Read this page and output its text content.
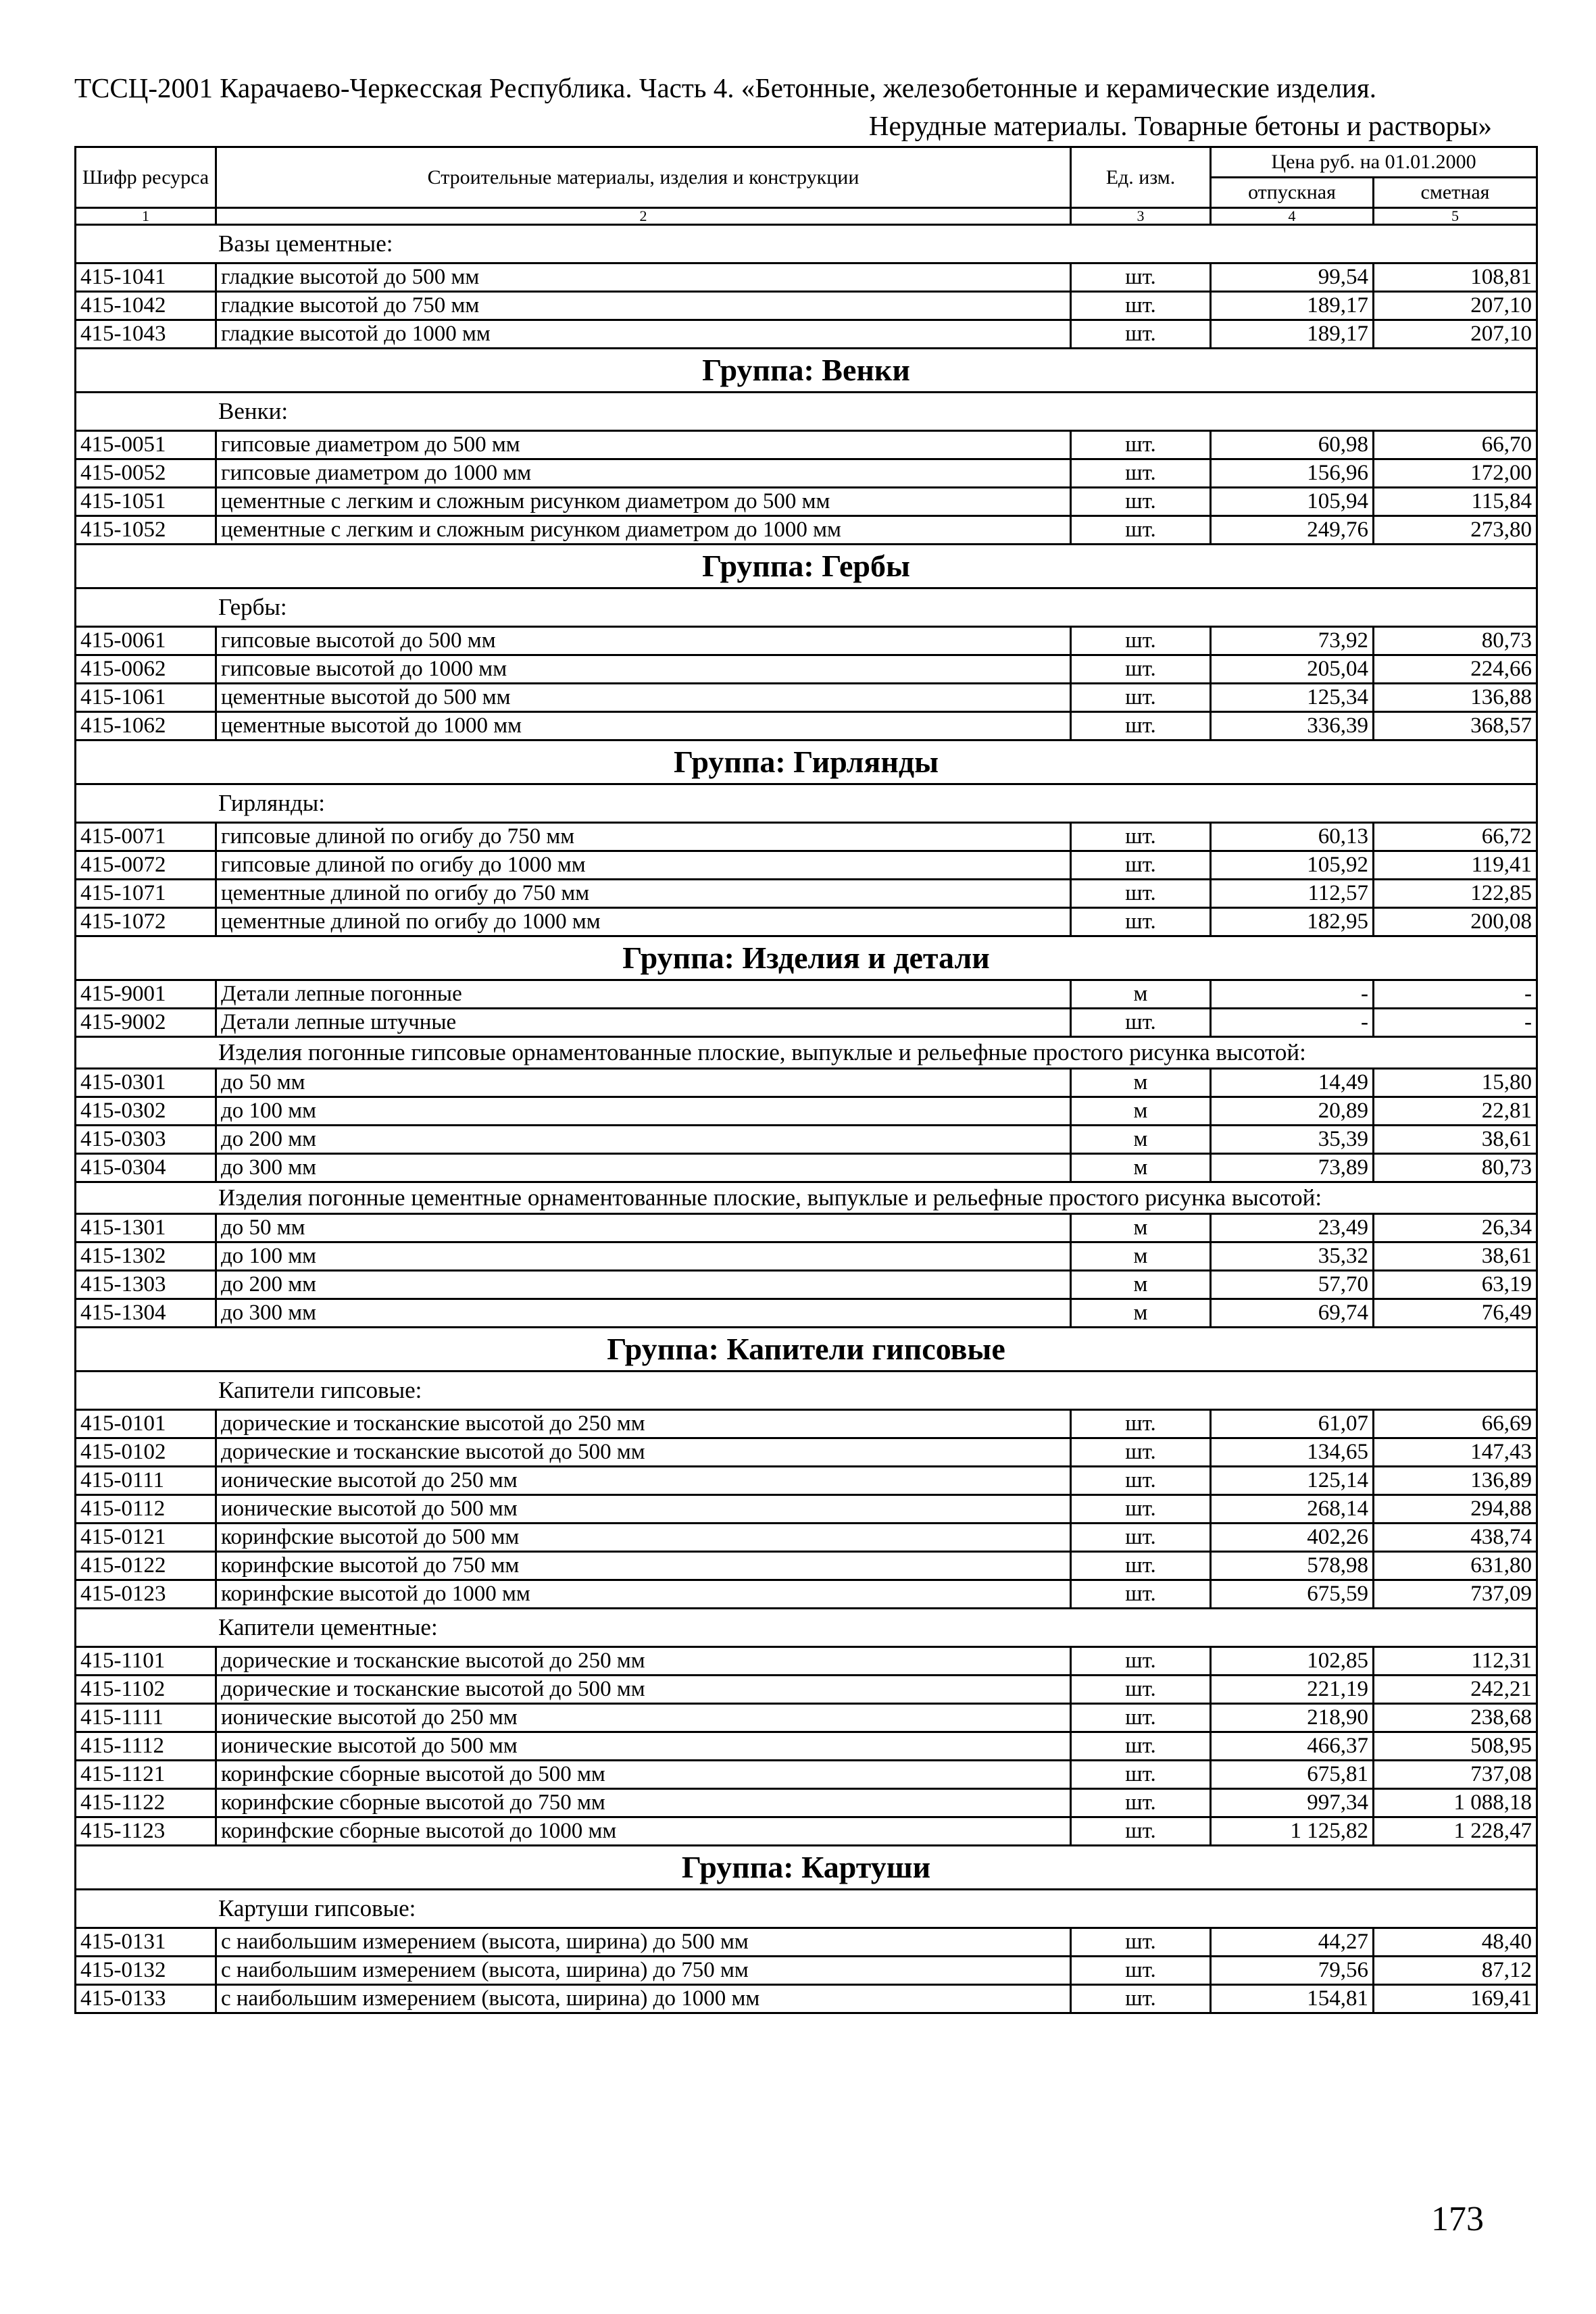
ТССЦ-2001 Карачаево-Черкесская Республика. Часть 4. «Бетонные, железобетонные и керамические изделия.
Нерудные материалы. Товарные бетоны и растворы»
Шифр ресурса	Строительные материалы, изделия и конструкции	Ед. изм.	Цена руб. на 01.01.2000	
			отпускная	сметная
1	2	3	4	5
Вазы цементные:				
415-1041	гладкие высотой до 500 мм	шт.	99,54	108,81
415-1042	гладкие высотой до 750 мм	шт.	189,17	207,10
415-1043	гладкие высотой до 1000 мм	шт.	189,17	207,10
Группа: Венки				
Венки:				
415-0051	гипсовые диаметром до 500 мм	шт.	60,98	66,70
415-0052	гипсовые диаметром до 1000 мм	шт.	156,96	172,00
415-1051	цементные с легким и сложным рисунком диаметром до 500 мм	шт.	105,94	115,84
415-1052	цементные с легким и сложным рисунком диаметром до 1000 мм	шт.	249,76	273,80
Группа: Гербы				
Гербы:				
415-0061	гипсовые высотой до 500 мм	шт.	73,92	80,73
415-0062	гипсовые высотой до 1000 мм	шт.	205,04	224,66
415-1061	цементные высотой до 500 мм	шт.	125,34	136,88
415-1062	цементные высотой до 1000 мм	шт.	336,39	368,57
Группа: Гирлянды				
Гирлянды:				
415-0071	гипсовые длиной по огибу до 750 мм	шт.	60,13	66,72
415-0072	гипсовые длиной по огибу до 1000 мм	шт.	105,92	119,41
415-1071	цементные длиной по огибу до 750 мм	шт.	112,57	122,85
415-1072	цементные длиной по огибу до 1000 мм	шт.	182,95	200,08
Группа: Изделия и детали				
415-9001	Детали лепные погонные	м	-	-
415-9002	Детали лепные штучные	шт.	-	-
Изделия погонные гипсовые орнаментованные плоские, выпуклые и рельефные простого рисунка высотой:				
415-0301	до 50 мм	м	14,49	15,80
415-0302	до 100 мм	м	20,89	22,81
415-0303	до 200 мм	м	35,39	38,61
415-0304	до 300 мм	м	73,89	80,73
Изделия погонные цементные орнаментованные плоские, выпуклые и рельефные простого рисунка высотой:				
415-1301	до 50 мм	м	23,49	26,34
415-1302	до 100 мм	м	35,32	38,61
415-1303	до 200 мм	м	57,70	63,19
415-1304	до 300 мм	м	69,74	76,49
Группа: Капители гипсовые				
Капители гипсовые:				
415-0101	дорические и тосканские высотой до 250 мм	шт.	61,07	66,69
415-0102	дорические и тосканские высотой до 500 мм	шт.	134,65	147,43
415-0111	ионические высотой до 250 мм	шт.	125,14	136,89
415-0112	ионические высотой до 500 мм	шт.	268,14	294,88
415-0121	коринфские высотой до 500 мм	шт.	402,26	438,74
415-0122	коринфские высотой до 750 мм	шт.	578,98	631,80
415-0123	коринфские высотой до 1000 мм	шт.	675,59	737,09
Капители цементные:				
415-1101	дорические и тосканские высотой до 250 мм	шт.	102,85	112,31
415-1102	дорические и тосканские высотой до 500 мм	шт.	221,19	242,21
415-1111	ионические высотой до 250 мм	шт.	218,90	238,68
415-1112	ионические высотой до 500 мм	шт.	466,37	508,95
415-1121	коринфские сборные высотой до 500 мм	шт.	675,81	737,08
415-1122	коринфские сборные высотой до 750 мм	шт.	997,34	1 088,18
415-1123	коринфские сборные высотой до 1000 мм	шт.	1 125,82	1 228,47
Группа: Картуши				
Картуши гипсовые:				
415-0131	с наибольшим измерением (высота, ширина) до 500 мм	шт.	44,27	48,40
415-0132	с наибольшим измерением (высота, ширина) до 750 мм	шт.	79,56	87,12
415-0133	с наибольшим измерением (высота, ширина) до 1000 мм	шт.	154,81	169,41
173
